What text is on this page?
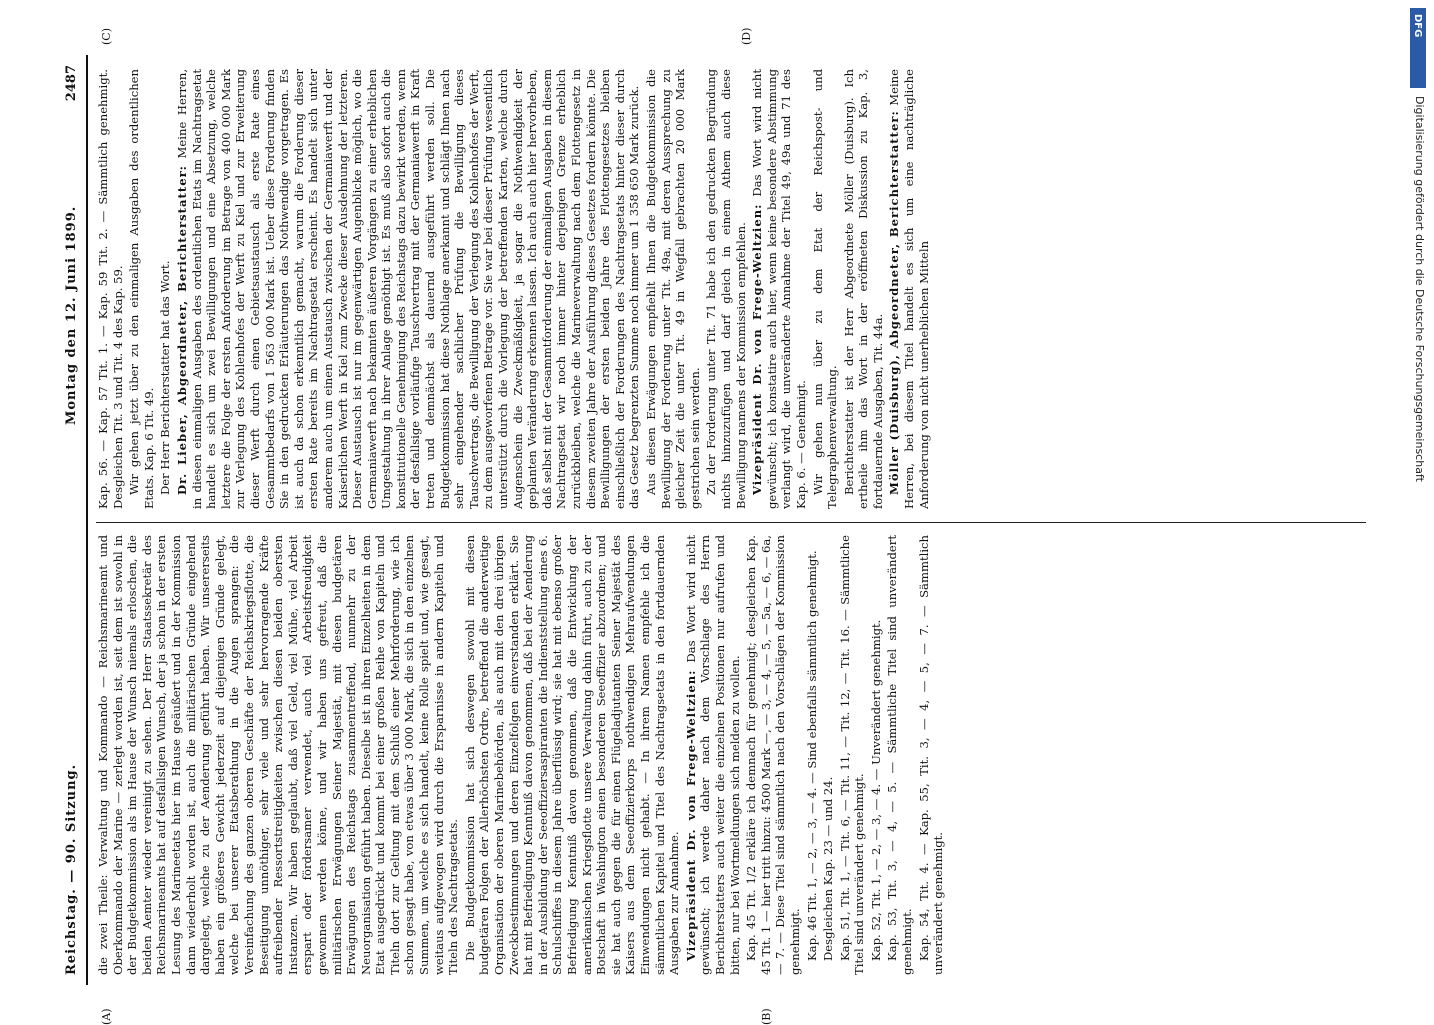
Reichstag. — 90. Sitzung.
Montag den 12. Juni 1899.
2487
(A)	(B)
(C)	(D)

die zwei Theile: Verwaltung und Kommando — Reichsmarineamt und Oberkommando der Marine — zerlegt worden ist, seit dem ist sowohl in der Budgetkommission als im Hause der Wunsch niemals erloschen, die beiden Aemter wieder vereinigt zu sehen. Der Herr Staatssekretär des Reichsmarineamts hat auf desfallsigen Wunsch, der ja schon in der ersten Lesung des Marineetats hier im Hause geäußert und in der Kommission dann wiederholt worden ist, auch die militärischen Gründe eingehend dargelegt, welche zu der Aenderung geführt haben. Wir unsererseits haben ein größeres Gewicht jederzeit auf diejenigen Gründe gelegt, welche bei unserer Etatsberathung in die Augen sprangen: die Vereinfachung des ganzen oberen Geschäfte der Reichskriegsflotte, die Beseitigung unnöthiger, sehr viele und sehr hervorragende Kräfte aufreibender Ressortstreitigkeiten zwischen diesen beiden obersten Instanzen. Wir haben geglaubt, daß viel Geld, viel Mühe, viel Arbeit erspart oder fördersamer verwendet, auch viel Arbeitsfreudigkeit gewonnen werden könne, und wir haben uns gefreut, daß die militärischen Erwägungen Seiner Majestät, mit diesen budgetären Erwägungen des Reichstags zusammentreffend, nunmehr zu der Neuorganisation geführt haben. Dieselbe ist in ihren Einzelheiten in dem Etat ausgedrückt und kommt bei einer großen Reihe von Kapiteln und Titeln dort zur Geltung mit dem Schluß einer Mehrforderung, wie ich schon gesagt habe, von etwas über 3 000 Mark, die sich in den einzelnen Summen, um welche es sich handelt, keine Rolle spielt und, wie gesagt, weitaus aufgewogen wird durch die Ersparnisse in andern Kapiteln und Titeln des Nachtragsetats. Die Budgetkommission hat sich deswegen sowohl mit diesen budgetären Folgen der Allerhöchsten Ordre, betreffend die anderweitige Organisation der oberen Marinebehörden, als auch mit den drei übrigen Zweckbestimmungen und deren Einzelfolgen einverstanden erklärt. Sie hat mit Befriedigung Kenntniß davon genommen, daß bei der Aenderung in der Ausbildung der Seeoffiziersaspiranten die Indienststellung eines 6. Schulschiffes in diesem Jahre überflüssig wird; sie hat mit ebenso großer Befriedigung Kenntniß davon genommen, daß die Entwicklung der amerikanischen Kriegsflotte unsere Verwaltung dahin führt, auch zu der Botschaft in Washington einen besonderen Seeoffizier abzuordnen; und sie hat auch gegen die für einen Flügeladjutanten Seiner Majestät des Kaisers aus dem Seeoffizierkorps nothwendigen Mehraufwendungen Einwendungen nicht gehabt. — In ihrem Namen empfehle ich die sämmtlichen Kapitel und Titel des Nachtragsetats in den fortdauernden Ausgaben zur Annahme. Vizepräsident Dr. von Frege-Weltzien: Das Wort wird nicht gewünscht; ich werde daher nach dem Vorschlage des Herrn Berichterstatters auch weiter die einzelnen Positionen nur aufrufen und bitten, nur bei Wortmeldungen sich melden zu wollen. Kap. 45 Tit. 1/2 erkläre ich demnach für genehmigt; desgleichen Kap. 45 Tit. 1 — hier tritt hinzu: 4500 Mark —, — 3, — 4, — 5, — 5a, — 6, — 6a, — 7. — Diese Titel sind sämmtlich nach den Vorschlägen der Kommission genehmigt. Kap. 46 Tit. 1, — 2, — 3, — 4. — Sind ebenfalls sämmtlich genehmigt. Desgleichen Kap. 23 — und 24. Kap. 51, Tit. 1, — Tit. 6, — Tit. 11, — Tit. 12, — Tit. 16. — Sämmtliche Titel sind unverändert genehmigt. Kap. 52, Tit. 1, — 2, — 3, — 4. — Unverändert genehmigt. Kap. 53, Tit. 3, — 4, — 5. — Sämmtliche Titel sind unverändert genehmigt. Kap. 54, Tit. 4. — Kap. 55, Tit. 3, — 4, — 5, — 7. — Sämmtlich unverändert genehmigt.

Kap. 56. — Kap. 57 Tit. 1. — Kap. 59 Tit. 2. — Sämmtlich genehmigt. Desgleichen Tit. 3 und Tit. 4 des Kap. 59. Wir gehen jetzt über zu den einmaligen Ausgaben des ordentlichen Etats. Kap. 6 Tit. 49. Der Herr Berichterstatter hat das Wort. Dr. Lieber, Abgeordneter, Berichterstatter: Meine Herren, in diesen einmaligen Ausgaben des ordentlichen Etats im Nachtragsetat handelt es sich um zwei Bewilligungen und eine Absetzung, welche letztere die Folge der ersten Anforderung im Betrage von 400 000 Mark zur Verlegung des Kohlenhofes der Werft zu Kiel und zur Erweiterung dieser Werft durch einen Gebietsaustausch als erste Rate eines Gesammtbedarfs von 1 563 000 Mark ist. Ueber diese Forderung finden Sie in den gedruckten Erläuterungen das Nothwendige vorgetragen. Es ist auch da schon erkenntlich gemacht, warum die Forderung dieser ersten Rate bereits im Nachtragsetat erscheint. Es handelt sich unter anderem auch um einen Austausch zwischen der Germaniawerft und der Kaiserlichen Werft in Kiel zum Zwecke dieser Ausdehnung der letzteren. Dieser Austausch ist nur im gegenwärtigen Augenblicke möglich, wo die Germaniawerft nach bekannten äußeren Vorgängen zu einer erheblichen Umgestaltung in ihrer Anlage genöthigt ist. Es muß also sofort auch die konstitutionelle Genehmigung des Reichstags dazu bewirkt werden, wenn der desfallsige vorläufige Tauschvertrag mit der Germaniawerft in Kraft treten und demnächst als dauernd ausgeführt werden soll. Die Budgetkommission hat diese Nothlage anerkannt und schlägt Ihnen nach sehr eingehender sachlicher Prüfung die Bewilligung dieses Tauschvertrags, die Bewilligung der Verlegung des Kohlenhofes der Werft, zu dem ausgeworfenen Betrage vor. Sie war bei dieser Prüfung wesentlich unterstützt durch die Vorlegung der betreffenden Karten, welche durch Augenschein die Zweckmäßigkeit, ja sogar die Nothwendigkeit der geplanten Veränderung erkennen lassen. Ich auch auch hier hervorheben, daß selbst mit der Gesammtforderung der einmaligen Ausgaben in diesem Nachtragsetat wir noch immer hinter derjenigen Grenze erheblich zurückbleiben, welche die Marineverwaltung nach dem Flottengesetz in diesem zweiten Jahre der Ausführung dieses Gesetzes fordern könnte. Die Bewilligungen der ersten beiden Jahre des Flottengesetzes bleiben einschließlich der Forderungen des Nachtragsetats hinter dieser durch das Gesetz begrenzten Summe noch immer um 1 358 650 Mark zurück. Aus diesen Erwägungen empfiehlt Ihnen die Budgetkommission die Bewilligung der Forderung unter Tit. 49a, mit deren Aussprechung zu gleicher Zeit die unter Tit. 49 in Wegfall gebrachten 20 000 Mark gestrichen sein werden. Zu der Forderung unter Tit. 71 habe ich den gedruckten Begründung nichts hinzuzufügen und darf gleich in einem Athem auch diese Bewilligung namens der Kommission empfehlen. Vizepräsident Dr. von Frege-Weltzien: Das Wort wird nicht gewünscht; ich konstatire auch hier, wenn keine besondere Abstimmung verlangt wird, die unveränderte Annahme der Titel 49, 49a und 71 des Kap. 6. — Genehmigt. Wir gehen nun über zu dem Etat der Reichspost- und Telegraphenverwaltung. Berichterstatter ist der Herr Abgeordnete Möller (Duisburg). Ich ertheile ihm das Wort in der eröffneten Diskussion zu Kap. 3, fortdauernde Ausgaben, Tit. 44a. Möller (Duisburg), Abgeordneter, Berichterstatter: Meine Herren, bei diesem Titel handelt es sich um eine nachträgliche Anforderung von nicht unerheblichen Mitteln

DFG
Digitalisierung gefördert durch die Deutsche Forschungsgemeinschaft
